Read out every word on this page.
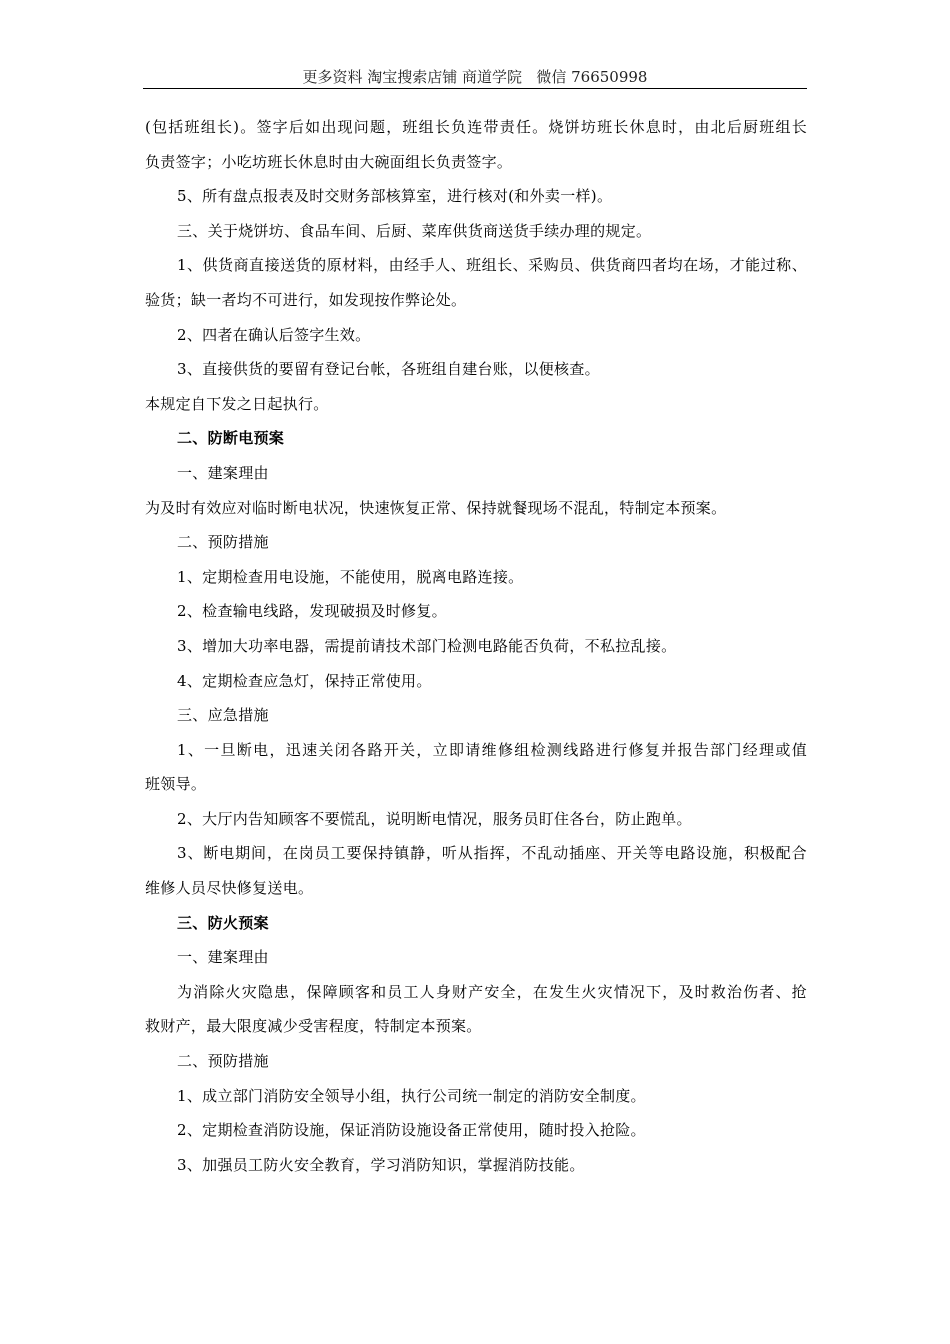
更多资料 淘宝搜索店铺 商道学院   微信 76650998
(包括班组长)。签字后如出现问题，班组长负连带责任。烧饼坊班长休息时，由北后厨班组长
负责签字；小吃坊班长休息时由大碗面组长负责签字。
5、所有盘点报表及时交财务部核算室，进行核对(和外卖一样)。
三、关于烧饼坊、食品车间、后厨、菜库供货商送货手续办理的规定。
1、供货商直接送货的原材料，由经手人、班组长、采购员、供货商四者均在场，才能过称、
验货；缺一者均不可进行，如发现按作弊论处。
2、四者在确认后签字生效。
3、直接供货的要留有登记台帐，各班组自建台账，以便核查。
本规定自下发之日起执行。
二、防断电预案
一、建案理由
为及时有效应对临时断电状况，快速恢复正常、保持就餐现场不混乱，特制定本预案。
二、预防措施
1、定期检查用电设施，不能使用，脱离电路连接。
2、检查输电线路，发现破损及时修复。
3、增加大功率电器，需提前请技术部门检测电路能否负荷，不私拉乱接。
4、定期检查应急灯，保持正常使用。
三、应急措施
1、一旦断电，迅速关闭各路开关，立即请维修组检测线路进行修复并报告部门经理或值
班领导。
2、大厅内告知顾客不要慌乱，说明断电情况，服务员盯住各台，防止跑单。
3、断电期间，在岗员工要保持镇静，听从指挥，不乱动插座、开关等电路设施，积极配合
维修人员尽快修复送电。
三、防火预案
一、建案理由
为消除火灾隐患，保障顾客和员工人身财产安全，在发生火灾情况下，及时救治伤者、抢
救财产，最大限度减少受害程度，特制定本预案。
二、预防措施
1、成立部门消防安全领导小组，执行公司统一制定的消防安全制度。
2、定期检查消防设施，保证消防设施设备正常使用，随时投入抢险。
3、加强员工防火安全教育，学习消防知识，掌握消防技能。
